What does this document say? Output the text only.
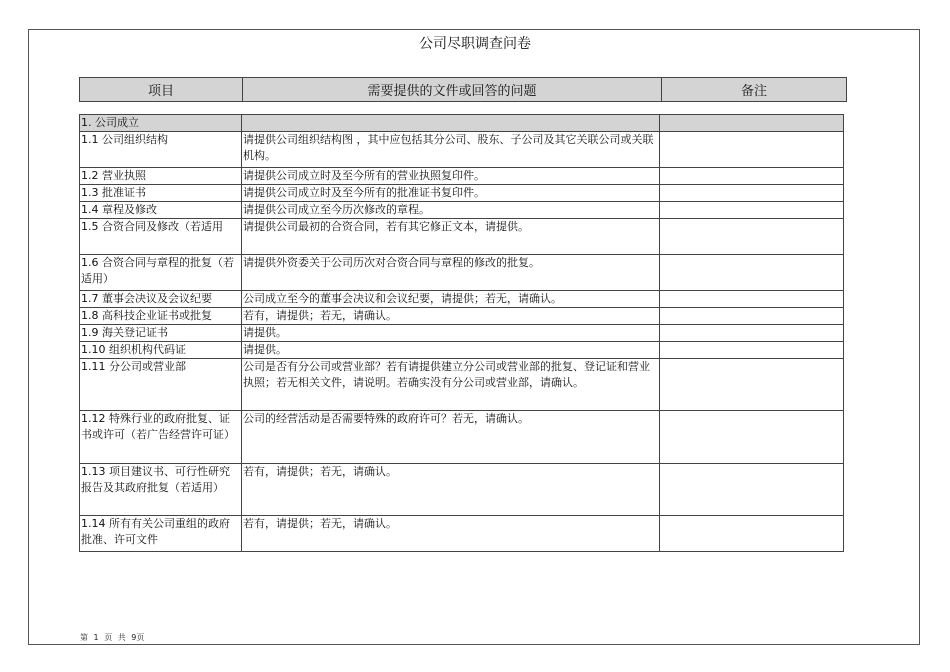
公司尽职调查问卷
项目	需要提供的文件或回答的问题	备注
1. 公司成立		
1.1 公司组织结构	请提供公司组织结构图 ，其中应包括其分公司、股东、子公司及其它关联公司或关联机构。	
1.2 营业执照	请提供公司成立时及至今所有的营业执照复印件。	
1.3 批准证书	请提供公司成立时及至今所有的批准证书复印件。	
1.4 章程及修改	请提供公司成立至今历次修改的章程。	
1.5 合资合同及修改（若适用	请提供公司最初的合资合同，若有其它修正文本，请提供。	
1.6 合资合同与章程的批复（若适用）	请提供外资委关于公司历次对合资合同与章程的修改的批复。	
1.7 董事会决议及会议纪要	公司成立至今的董事会决议和会议纪要，请提供；若无，请确认。	
1.8 高科技企业证书或批复	若有，请提供；若无，请确认。	
1.9 海关登记证书	请提供。	
1.10 组织机构代码证	请提供。	
1.11 分公司或营业部	公司是否有分公司或营业部？若有请提供建立分公司或营业部的批复、登记证和营业执照；若无相关文件，请说明。若确实没有分公司或营业部，请确认。	
1.12 特殊行业的政府批复、证书或许可（若广告经营许可证）	公司的经营活动是否需要特殊的政府许可？若无，请确认。	
1.13 项目建议书、可行性研究报告及其政府批复（若适用）	若有，请提供；若无，请确认。	
1.14 所有有关公司重组的政府批准、许可文件	若有，请提供；若无，请确认。	
第 1 页 共 9页
